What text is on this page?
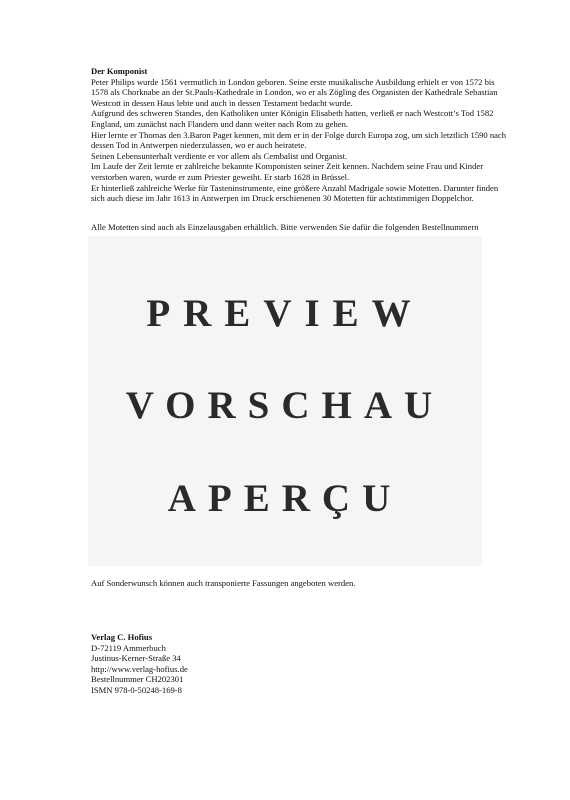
Der Komponist
Peter Philips wurde 1561 vermutlich in London geboren. Seine erste musikalische Ausbildung erhielt er von 1572 bis 1578 als Chorknabe an der St.Pauls-Kathedrale in London, wo er als Zögling des Organisten der Kathedrale Sebastian Westcott in dessen Haus lebte und auch in dessen Testament bedacht wurde.
Aufgrund des schweren Standes, den Katholiken unter Königin Elisabeth hatten, verließ er nach Westcott’s Tod 1582 England, um zunächst nach Flandern und dann weiter nach Rom zu gehen.
Hier lernte er Thomas den 3.Baron Paget kennen, mit dem er in der Folge durch Europa zog, um sich letztlich 1590 nach dessen Tod in Antwerpen niederzulassen, wo er auch heiratete.
Seinen Lebensunterhalt verdiente er vor allem als Cembalist und Organist.
Im Laufe der Zeit lernte er zahlreiche bekannte Komponisten seiner Zeit kennen. Nachdem seine Frau und Kinder verstorben waren, wurde er zum Priester geweiht. Er starb 1628 in Brüssel.
Er hinterließ zahlreiche Werke für Tasteninstrumente, eine größere Anzahl Madrigale sowie Motetten. Darunter finden sich auch diese im Jahr 1613 in Antwerpen im Druck erschienenen 30 Motetten für achtstimmigen Doppelchor.
Alle Motetten sind auch als Einzelausgaben erhältlich. Bitte verwenden Sie dafür die folgenden Bestellnummern
PREVIEW
VORSCHAU
APERÇU
Auf Sonderwunsch können auch transponierte Fassungen angeboten werden.
Verlag C. Hofius
D-72119 Ammerbuch
Justinus-Kerner-Straße 34
http://www.verlag-hofius.de
Bestellnummer CH202301
ISMN 978-0-50248-169-8
